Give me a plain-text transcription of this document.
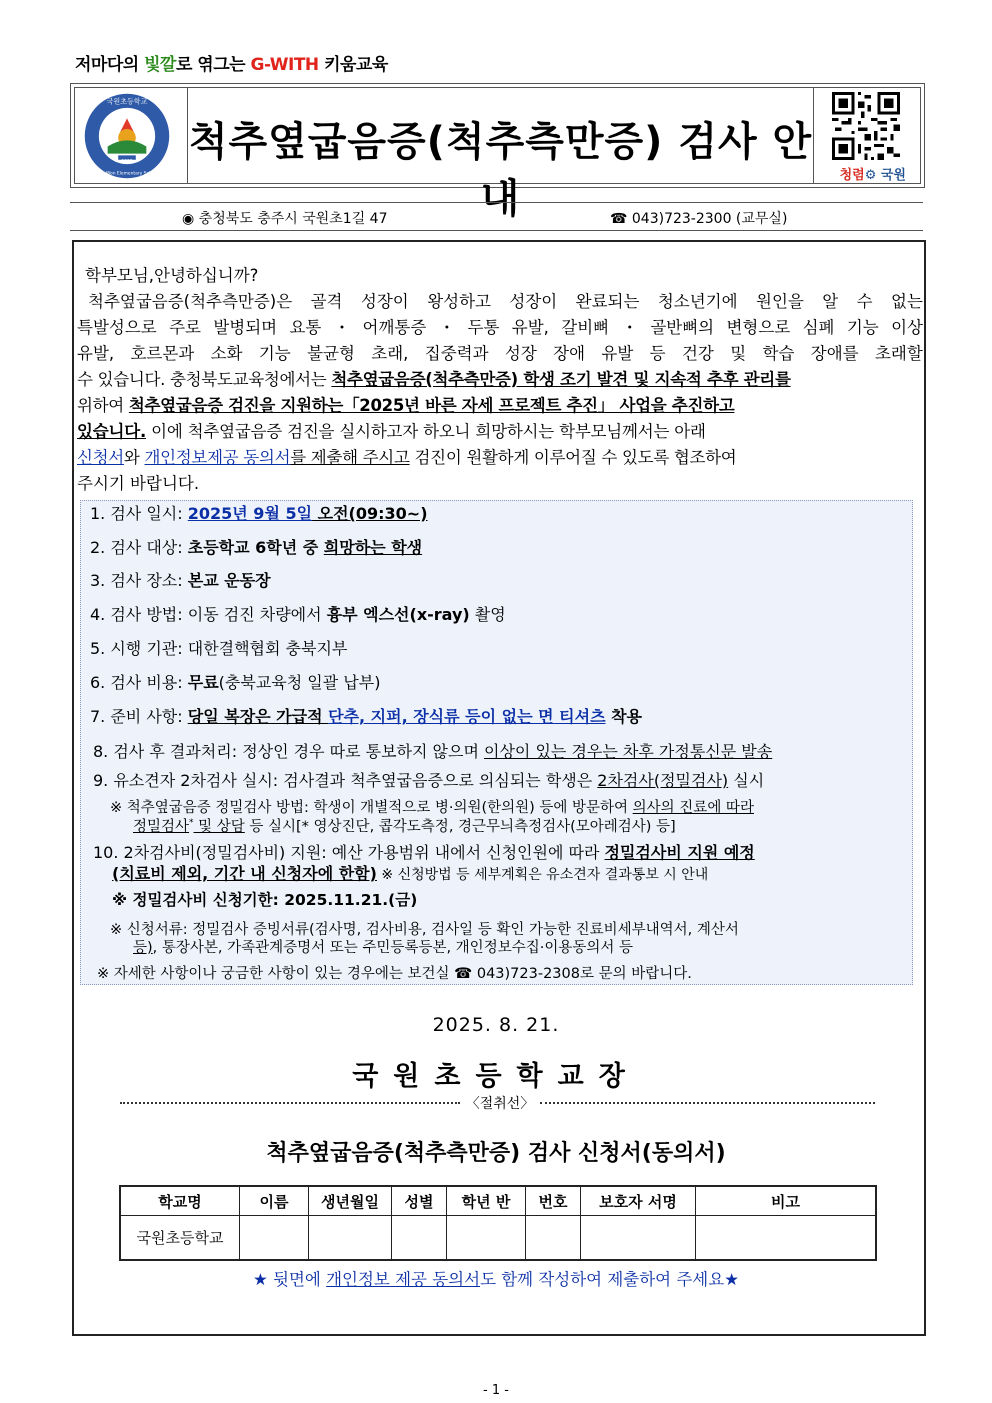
저마다의 빛깔로 엮그는 G-WITH 키움교육
국원초등학교
2008
Guk Won Elementary School
척추옆굽음증(척추측만증) 검사 안내
청렴⚙ 국원
◉ 충청북도 충주시 국원초1길 47	☎ 043)723-2300 (교무실)
학부모님,안녕하십니까?
척추옆굽음증(척추측만증)은 골격 성장이 왕성하고 성장이 완료되는 청소년기에 원인을 알 수 없는
특발성으로 주로 발병되며 요통 ・ 어깨통증 ・ 두통 유발, 갈비뼈 ・ 골반뼈의 변형으로 심폐 기능 이상
유발, 호르몬과 소화 기능 불균형 초래, 집중력과 성장 장애 유발 등 건강 및 학습 장애를 초래할
수 있습니다. 충청북도교육청에서는 척추옆굽음증(척추측만증) 학생 조기 발견 및 지속적 추후 관리를
위하여 척추옆굽음증 검진을 지원하는「2025년 바른 자세 프로젝트 추진」 사업을 추진하고
있습니다. 이에 척추옆굽음증 검진을 실시하고자 하오니 희망하시는 학부모님께서는 아래
신청서와 개인정보제공 동의서를 제출해 주시고 검진이 원활하게 이루어질 수 있도록 협조하여
주시기 바랍니다.
1. 검사 일시: 2025년 9월 5일 오전(09:30~)
2. 검사 대상: 초등학교 6학년 중 희망하는 학생
3. 검사 장소: 본교 운동장
4. 검사 방법: 이동 검진 차량에서 흉부 엑스선(x-ray) 촬영
5. 시행 기관: 대한결핵협회 충북지부
6. 검사 비용: 무료(충북교육청 일괄 납부)
7. 준비 사항: 당일 복장은 가급적 단추, 지퍼, 장식류 등이 없는 면 티셔츠 착용
8. 검사 후 결과처리: 정상인 경우 따로 통보하지 않으며 이상이 있는 경우는 차후 가정통신문 발송
9. 유소견자 2차검사 실시: 검사결과 척추옆굽음증으로 의심되는 학생은 2차검사(정밀검사) 실시
※ 척추옆굽음증 정밀검사 방법: 학생이 개별적으로 병·의원(한의원) 등에 방문하여 의사의 진료에 따라
정밀검사* 및 상담 등 실시[* 영상진단, 콥각도측정, 경근무늬측정검사(모아레검사) 등]
10. 2차검사비(정밀검사비) 지원: 예산 가용범위 내에서 신청인원에 따라 정밀검사비 지원 예정
(치료비 제외, 기간 내 신청자에 한함) ※ 신청방법 등 세부계획은 유소견자 결과통보 시 안내
※ 정밀검사비 신청기한: 2025.11.21.(금)
※ 신청서류: 정밀검사 증빙서류(검사명, 검사비용, 검사일 등 확인 가능한 진료비세부내역서, 계산서
등), 통장사본, 가족관계증명서 또는 주민등록등본, 개인정보수집·이용동의서 등
※ 자세한 사항이나 궁금한 사항이 있는 경우에는 보건실 ☎ 043)723-2308로 문의 바랍니다.
2025. 8. 21.
국원초등학교장
〈절취선〉
척추옆굽음증(척추측만증) 검사 신청서(동의서)
학교명	이름	생년월일	성별	학년 반	번호	보호자 서명	비고
국원초등학교							
★ 뒷면에 개인정보 제공 동의서도 함께 작성하여 제출하여 주세요★
- 1 -
